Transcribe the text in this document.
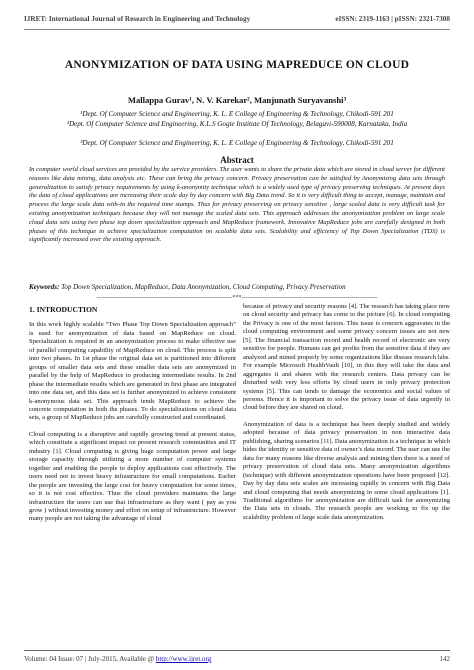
IJRET: International Journal of Research in Engineering and Technology	eISSN: 2319-1163 | pISSN: 2321-7308
ANONYMIZATION OF DATA USING MAPREDUCE ON CLOUD
Mallappa Gurav¹, N. V. Karekar², Manjunath Suryavanshi³
¹Dept. Of Computer Science and Engineering, K. L. E College of Engineering & Technology, Chikodi-591 201
²Dept. Of Computer Science and Engineering, K.L.S Gogte Institute Of Technology, Belagavi-590008, Karnataka, India
³Dept. Of Computer Science and Engineering, K. L. E College of Engineering & Technology, Chikodi-591 201
Abstract
In computer world cloud services are provided by the service providers. The user wants to share the private data which are stored in cloud server for different reasons like data mining, data analysis etc. These can bring the privacy concern. Privacy preservation can be satisfied by Anonymizing data sets through generalization to satisfy privacy requirements by using k-anonymity technique which is a widely used type of privacy preserving techniques. At present days the data of cloud applications are increasing their scale day by day concern with Big Data trend. So it is very difficult thing to accept, manage, maintain and process the large scale data with-in the required time stamps. Thus for privacy preserving on privacy sensitive , large scaled data is very difficult task for existing anonymization techniques because they will not manage the scaled data sets. This approach addresses the anonymization problem on large scale cloud data sets using two phase top down specialization approach and MapReduce framework. Innovative MapReduce jobs are carefully designed in both phases of this technique to achieve specialization computation on scalable data sets. Scalability and efficiency of Top Down Specialization (TDS) is significantly increased over the existing approach.
Keywords: Top Down Specialization, MapReduce, Data Anonymization, Cloud Computing, Privacy Preservation
--------------------------------------------------------------------***--------------------------------------------------------------------
1. INTRODUCTION

In this work highly scalable “Two Phase Top Down Specialization approach” is used for anonymization of data based on MapReduce on cloud. Specialization is required in an anonymization process to make effective use of parallel computing capability of MapReduce on cloud. This process is split into two phases. In 1st phase the original data set is partitioned into different groups of smaller data sets and these smaller data sets are anonymized in parallel by the help of MapReduce to producing intermediate results. In 2nd phase the intermediate results which are generated in first phase are integrated into one data set, and this data set is further anonymized to achieve consistent k-anonymous data set. This approach tends MapReduce to achieve the concrete computation in both the phases. To do specializations on cloud data sets, a group of MapReduce jobs are carefully constructed and coordinated.

Cloud computing is a disruptive and rapidly growing trend at present status, which constitute a significant impact on present research communities and IT industry [1]. Cloud computing is giving huge computation power and large storage capacity through utilizing a more number of computer systems together and enabling the people to deploy applications cost effectively. The users need not to invest heavy infrastructure for small computations. Earlier the people are investing the large cost for heavy computation for some times, so it is not cost effective. Thus the cloud providers maintains the large infrastructure the users can use that infrastructure as they want ( pay as you grow ) without investing money and effort on setup of infrastructure. However many people are not taking the advantage of cloud

because of privacy and security reasons [4]. The research has taking place now on cloud security and privacy has come to the picture [6]. In cloud computing the Privacy is one of the most factors. This issue is concern aggravates in the cloud computing environment and some privacy concern issues are not new [5]. The financial transaction record and health record of electronic are very sensitive for people. Humans can get profits from the sensitive data if they are analyzed and mined properly by some organizations like disease research labs. For example Microsoft HealthVault [10], in this they will take the data and aggregates it and shares with the research centers. Data privacy can be disturbed with very less efforts by cloud users in only privacy protection systems [5]. This can tends to damage the economics and social values of persons. Hence it is important to solve the privacy issue of data urgently in cloud before they are shared on cloud.

Anonymization of data is a technique has been deeply studied and widely adopted because of data privacy preservation in non interactive data publishing, sharing scenarios [11]. Data anonymization is a technique in which hides the identity or sensitive data of owner’s data record. The user can use the data for many reasons like diverse analysis and mining then there is a need of privacy preservation of cloud data sets. Many anonymization algorithms (technique) with different anonymization operations have been proposed [12]. Day by day data sets scales are increasing rapidly in concern with Big Data and cloud computing that needs anonymizing in some cloud applications [1]. Traditional algorithms for anonymization are difficult task for anonymizing the Data sets in clouds. The research people are working to fix up the scalability problem of large scale data anonymization.

Volume: 04 Issue: 07 | July-2015, Available @ http://www.ijret.org	142
